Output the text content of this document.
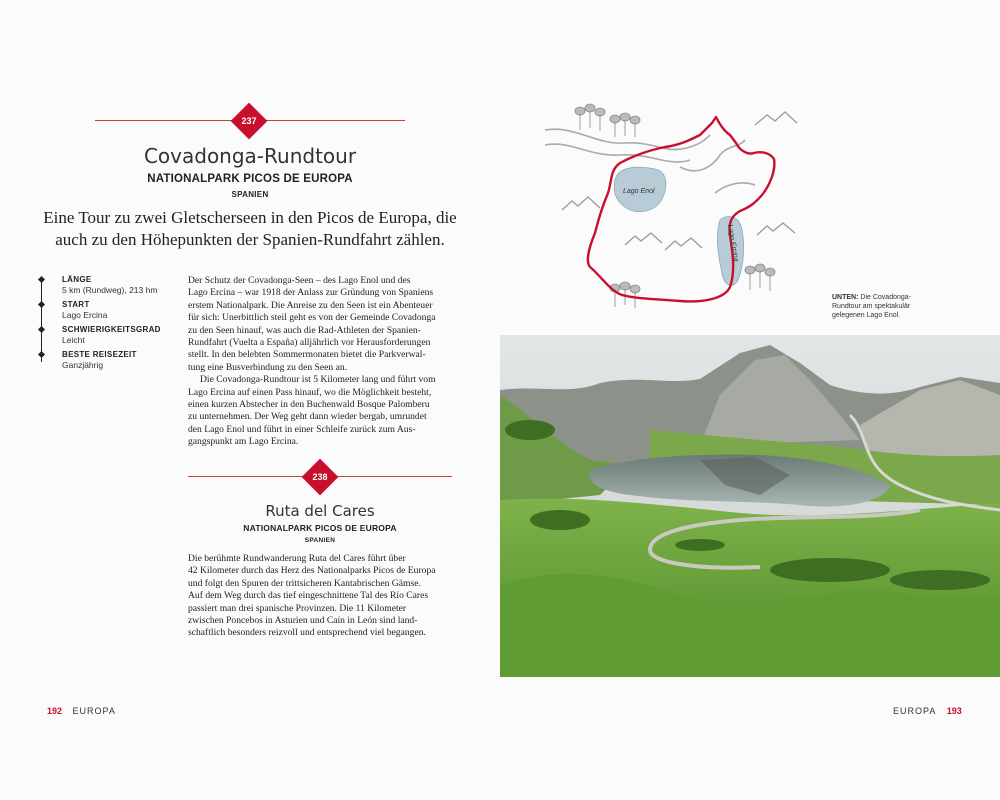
237
Covadonga-Rundtour
NATIONALPARK PICOS DE EUROPA
SPANIEN
Eine Tour zu zwei Gletscherseen in den Picos de Europa, die
auch zu den Höhepunkten der Spanien-Rundfahrt zählen.
LÄNGE
5 km (Rundweg), 213 hm
START
Lago Ercina
SCHWIERIGKEITSGRAD
Leicht
BESTE REISEZEIT
Ganzjährig

Der Schutz der Covadonga-Seen – des Lago Enol und des
Lago Ercina – war 1918 der Anlass zur Gründung von Spaniens
erstem Nationalpark. Die Anreise zu den Seen ist ein Abenteuer
für sich: Unerbittlich steil geht es von der Gemeinde Covadonga
zu den Seen hinauf, was auch die Rad-Athleten der Spanien-
Rundfahrt (Vuelta a España) alljährlich vor Herausforderungen
stellt. In den belebten Sommermonaten bietet die Parkverwal-
tung eine Busverbindung zu den Seen an.

Die Covadonga-Rundtour ist 5 Kilometer lang und führt vom
Lago Ercina auf einen Pass hinauf, wo die Möglichkeit besteht,
einen kurzen Abstecher in den Buchenwald Bosque Palomberu
zu unternehmen. Der Weg geht dann wieder bergab, umrundet
den Lago Enol und führt in einer Schleife zurück zum Aus-
gangspunkt am Lago Ercina.

238
Ruta del Cares
NATIONALPARK PICOS DE EUROPA
SPANIEN
Die berühmte Rundwanderung Ruta del Cares führt über
42 Kilometer durch das Herz des Nationalparks Picos de Europa
und folgt den Spuren der trittsicheren Kantabrischen Gämse.
Auf dem Weg durch das tief eingeschnittene Tal des Río Cares
passiert man drei spanische Provinzen. Die 11 Kilometer
zwischen Poncebos in Asturien und Caín in León sind land-
schaftlich besonders reizvoll und entsprechend viel begangen.
192 EUROPA
Lago Enol
Lago Ercina
UNTEN: Die Covadonga-
Rundtour am spektakulär
gelegenen Lago Enol.
EUROPA 193
